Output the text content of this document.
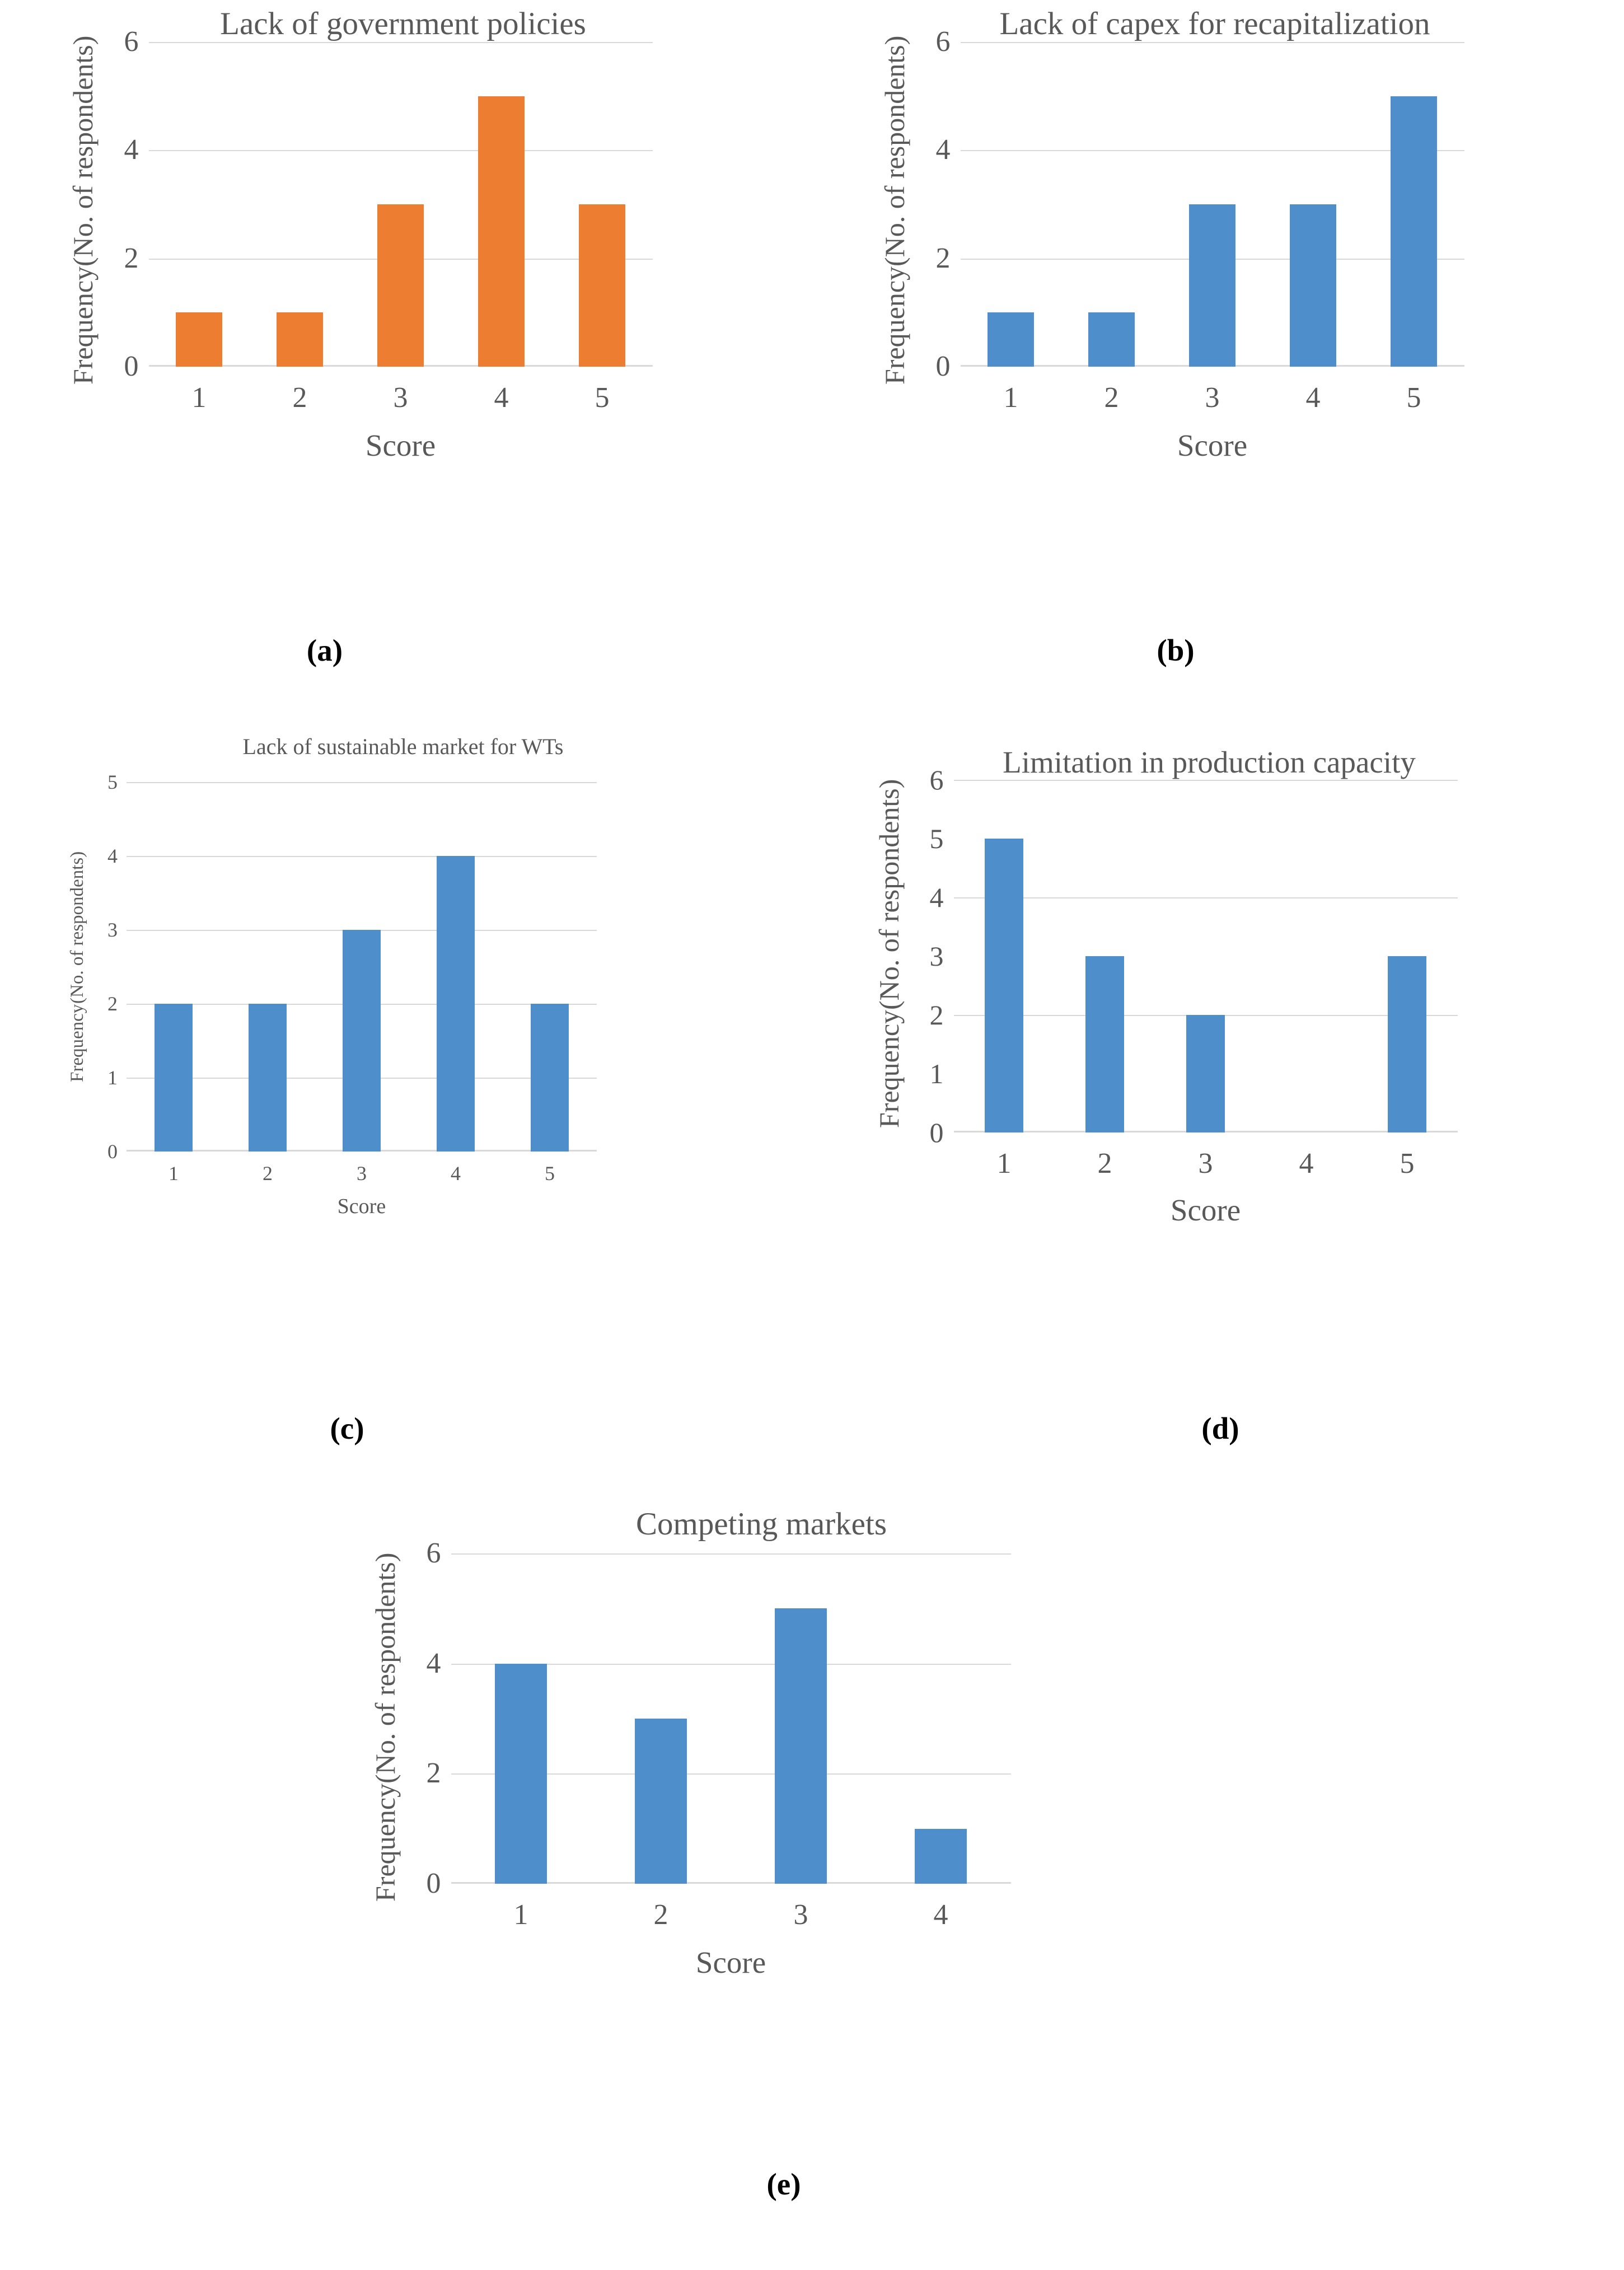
Lack of government policies
Frequency
(No. of respondents) 6
4
2
0
1	2	3	4	5
Score
(a)
Lack of capex for recapitalization
Frequency
(No. of respondents) 6
4
2
0
1	2	3	4	5
Score
(b)
Lack of sustainable market for WTs
Frequency
(No. of respondents)
5
4
3
2
1
0
1	2	3	4	5
Score
(c)
Limitation in production capacity
Frequency
(No. of respondents) 6
5
4
3
2
1
0
1	2	3	4	5
Score
(d)
Competing markets
Frequency
(No. of respondents) 6
4
2
0
1	2	3	4
Score
(e)
